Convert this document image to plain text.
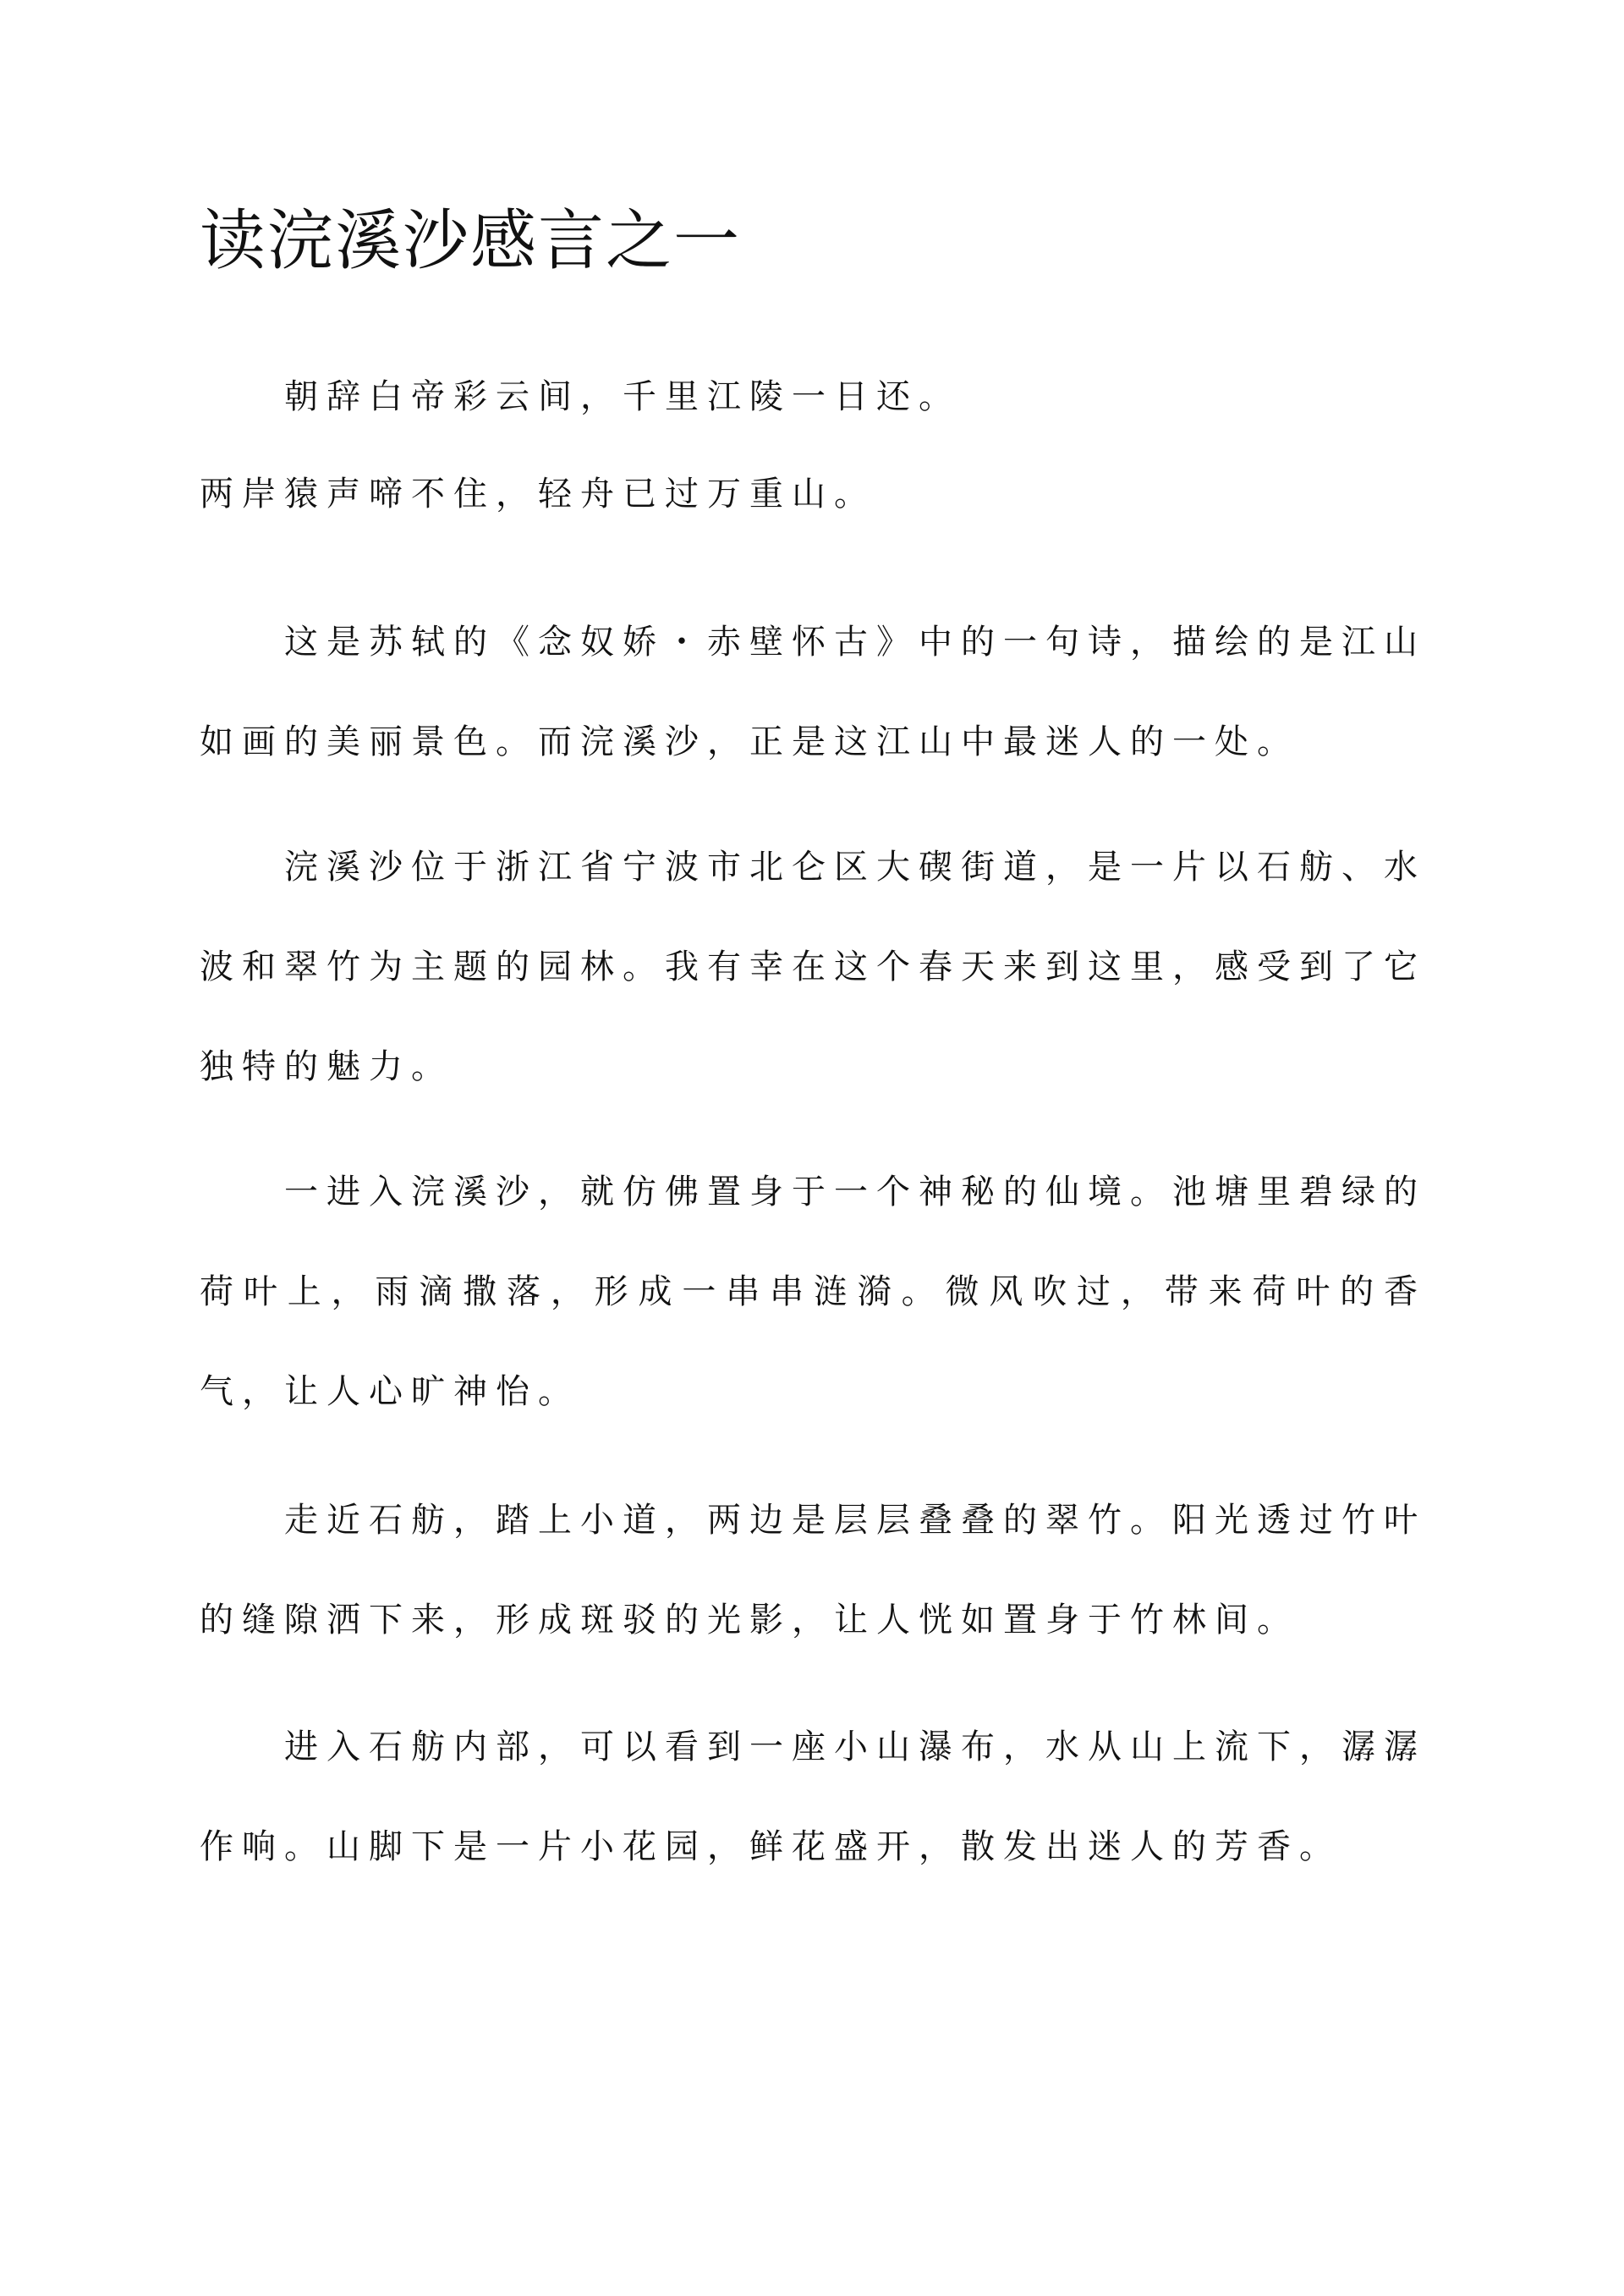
读浣溪沙感言之一

朝辞白帝彩云间，千里江陵一日还。

两岸猿声啼不住，轻舟已过万重山。

这是苏轼的《念奴娇・赤壁怀古》中的一句诗，描绘的是江山如画的美丽景色。而浣溪沙，正是这江山中最迷人的一处。

浣溪沙位于浙江省宁波市北仑区大碶街道，是一片以石舫、水波和翠竹为主题的园林。我有幸在这个春天来到这里，感受到了它独特的魅力。

一进入浣溪沙，就仿佛置身于一个神秘的仙境。池塘里碧绿的荷叶上，雨滴撒落，形成一串串涟漪。微风吹过，带来荷叶的香气，让人心旷神怡。

走近石舫，踏上小道，两边是层层叠叠的翠竹。阳光透过竹叶的缝隙洒下来，形成斑驳的光影，让人恍如置身于竹林间。

进入石舫内部，可以看到一座小山瀑布，水从山上流下，潺潺作响。山脚下是一片小花园，鲜花盛开，散发出迷人的芳香。
